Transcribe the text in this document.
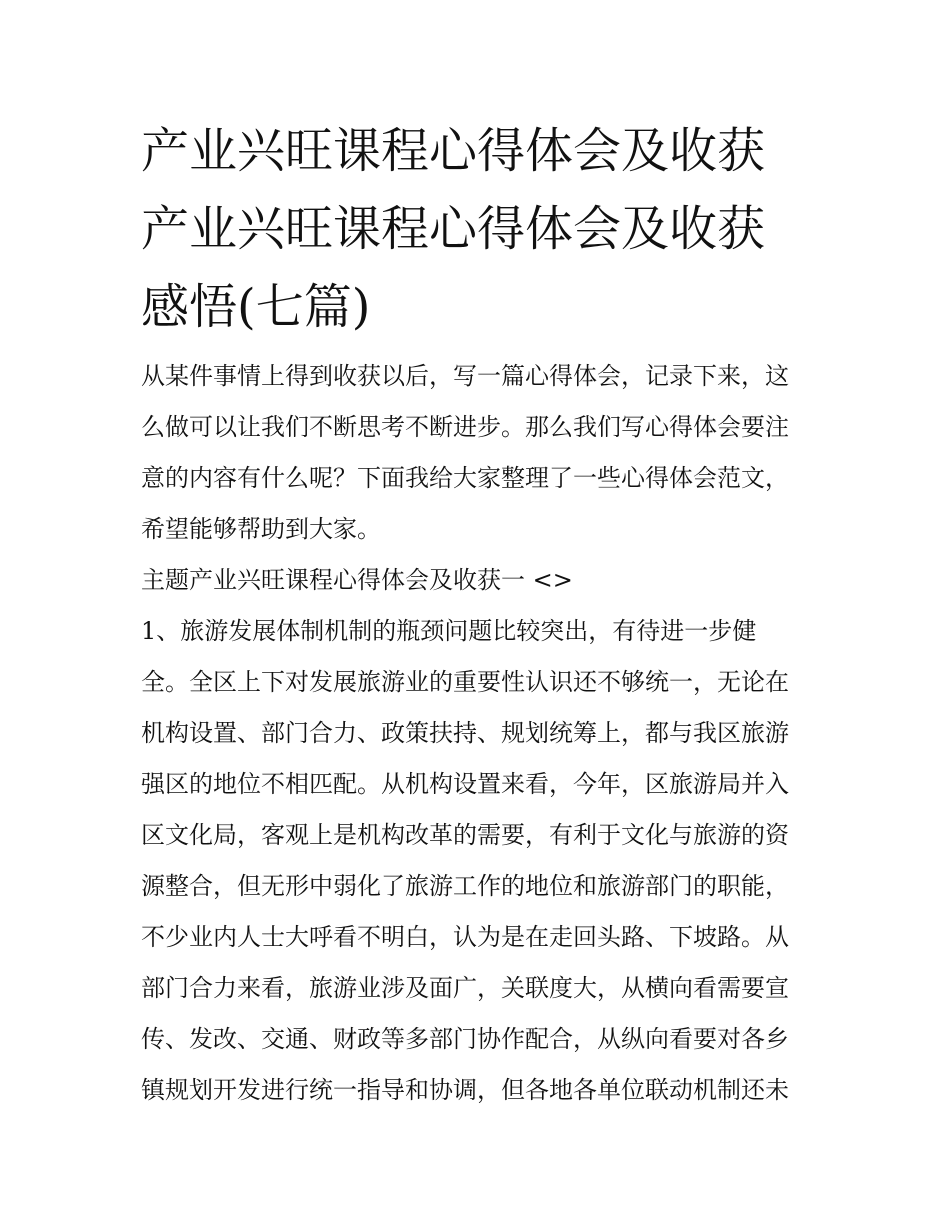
产业兴旺课程心得体会及收获
产业兴旺课程心得体会及收获
感悟(七篇)

从某件事情上得到收获以后，写一篇心得体会，记录下来，这
么做可以让我们不断思考不断进步。那么我们写心得体会要注
意的内容有什么呢？下面我给大家整理了一些心得体会范文，
希望能够帮助到大家。

主题产业兴旺课程心得体会及收获一 <>

1、旅游发展体制机制的瓶颈问题比较突出，有待进一步健
全。全区上下对发展旅游业的重要性认识还不够统一，无论在
机构设置、部门合力、政策扶持、规划统筹上，都与我区旅游
强区的地位不相匹配。从机构设置来看，今年，区旅游局并入
区文化局，客观上是机构改革的需要，有利于文化与旅游的资
源整合，但无形中弱化了旅游工作的地位和旅游部门的职能，
不少业内人士大呼看不明白，认为是在走回头路、下坡路。从
部门合力来看，旅游业涉及面广，关联度大，从横向看需要宣
传、发改、交通、财政等多部门协作配合，从纵向看要对各乡
镇规划开发进行统一指导和协调，但各地各单位联动机制还未
